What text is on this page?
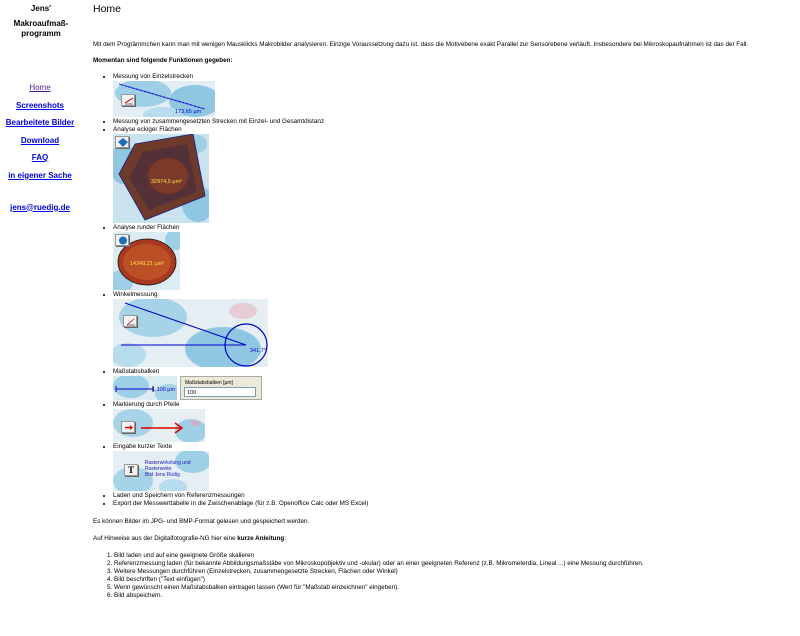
Jens'
Makroaufmaß-
programm
Home
Screenshots
Bearbeitete Bilder
Download
FAQ
in eigener Sache
jens@ruedig.de
Home

Mit dem Progrämmchen kann man mit wenigen Mausklicks Makrobilder analysieren. Einzige Voraussetzung dazu ist, dass die Motivebene exakt Parallel zur Sensorebene verläuft. Insbesondere bei Mikroskopaufnahmen ist das der Fall.

Momentan sind folgende Funktionen gegeben:

• Messung von Einzelstrecken
173,65 µm
• Messung von zusammengesetzten Strecken mit Einzel- und Gesamtdistanz
• Analyse eckiger Flächen
32974,5 µm²
• Analyse runder Flächen
14249,21 µm²
• Winkelmessung
341,7°
• Maßstabsbalken
1,100 µm
Maßstabsbalken [µm]
100
• Markierung durch Pfeile
• Eingabe kurzer Texte
T
Rasterwirkelung und
Rasterweite
Bild Jens Rüdig
• Laden und Speichern von Referenzmessungen
• Export der Messwerttabelle in die Zwischenablage (für z.B. Openoffice Calc oder MS Excel)

Es können Bilder im JPG- und BMP-Format gelesen und gespeichert werden.

Auf Hinweise aus der Digitalfotografie-NG hier eine kurze Anleitung:

1. Bild laden und auf eine geeignete Größe skalieren
2. Referenzmessung laden (für bekannte Abbildungsmaßstäbe von Mikroskopobjektiv und -okular) oder an einer geeigneten Referenz (z.B. Mikrometerdia, Lineal ...) eine Messung durchführen.
3. Weitere Messungen durchführen (Einzelstrecken, zusammengesetzte Strecken, Flächen oder Winkel)
4. Bild beschriften ("Text einfügen")
5. Wenn gewünscht einen Maßstabsbalken eintragen lassen (Wert für "Maßstab einzeichnen" eingeben).
6. Bild abspeichern.
